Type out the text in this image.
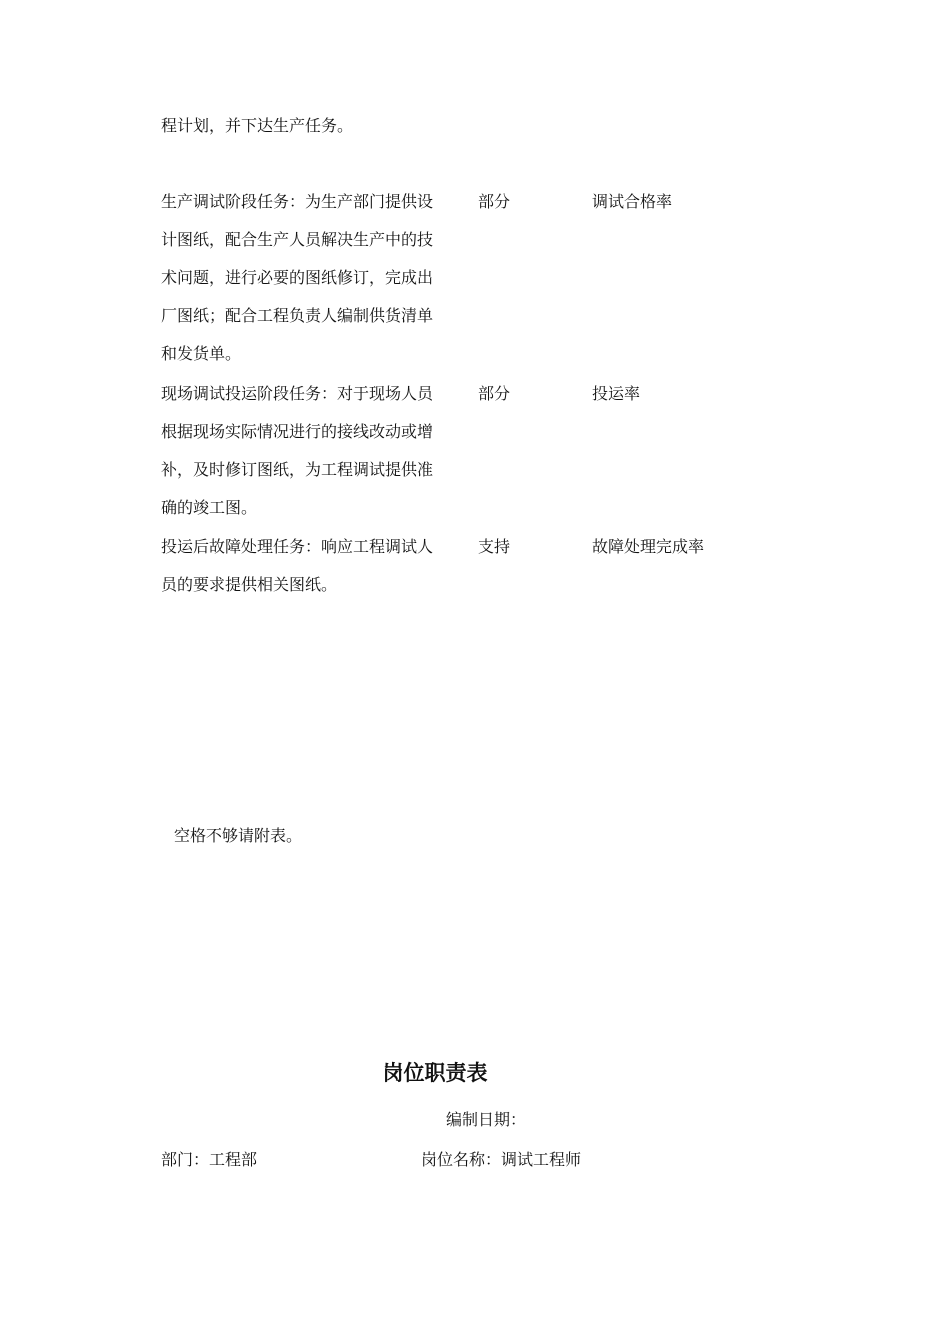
程计划，并下达生产任务。
生产调试阶段任务：为生产部门提供设
计图纸，配合生产人员解决生产中的技
术问题，进行必要的图纸修订，完成出
厂图纸；配合工程负责人编制供货清单
和发货单。
部分	调试合格率
现场调试投运阶段任务：对于现场人员
根据现场实际情况进行的接线改动或增
补，及时修订图纸，为工程调试提供准
确的竣工图。
部分	投运率
投运后故障处理任务：响应工程调试人
员的要求提供相关图纸。
支持	故障处理完成率
空格不够请附表。
岗位职责表
编制日期：
部门：工程部	岗位名称：调试工程师
